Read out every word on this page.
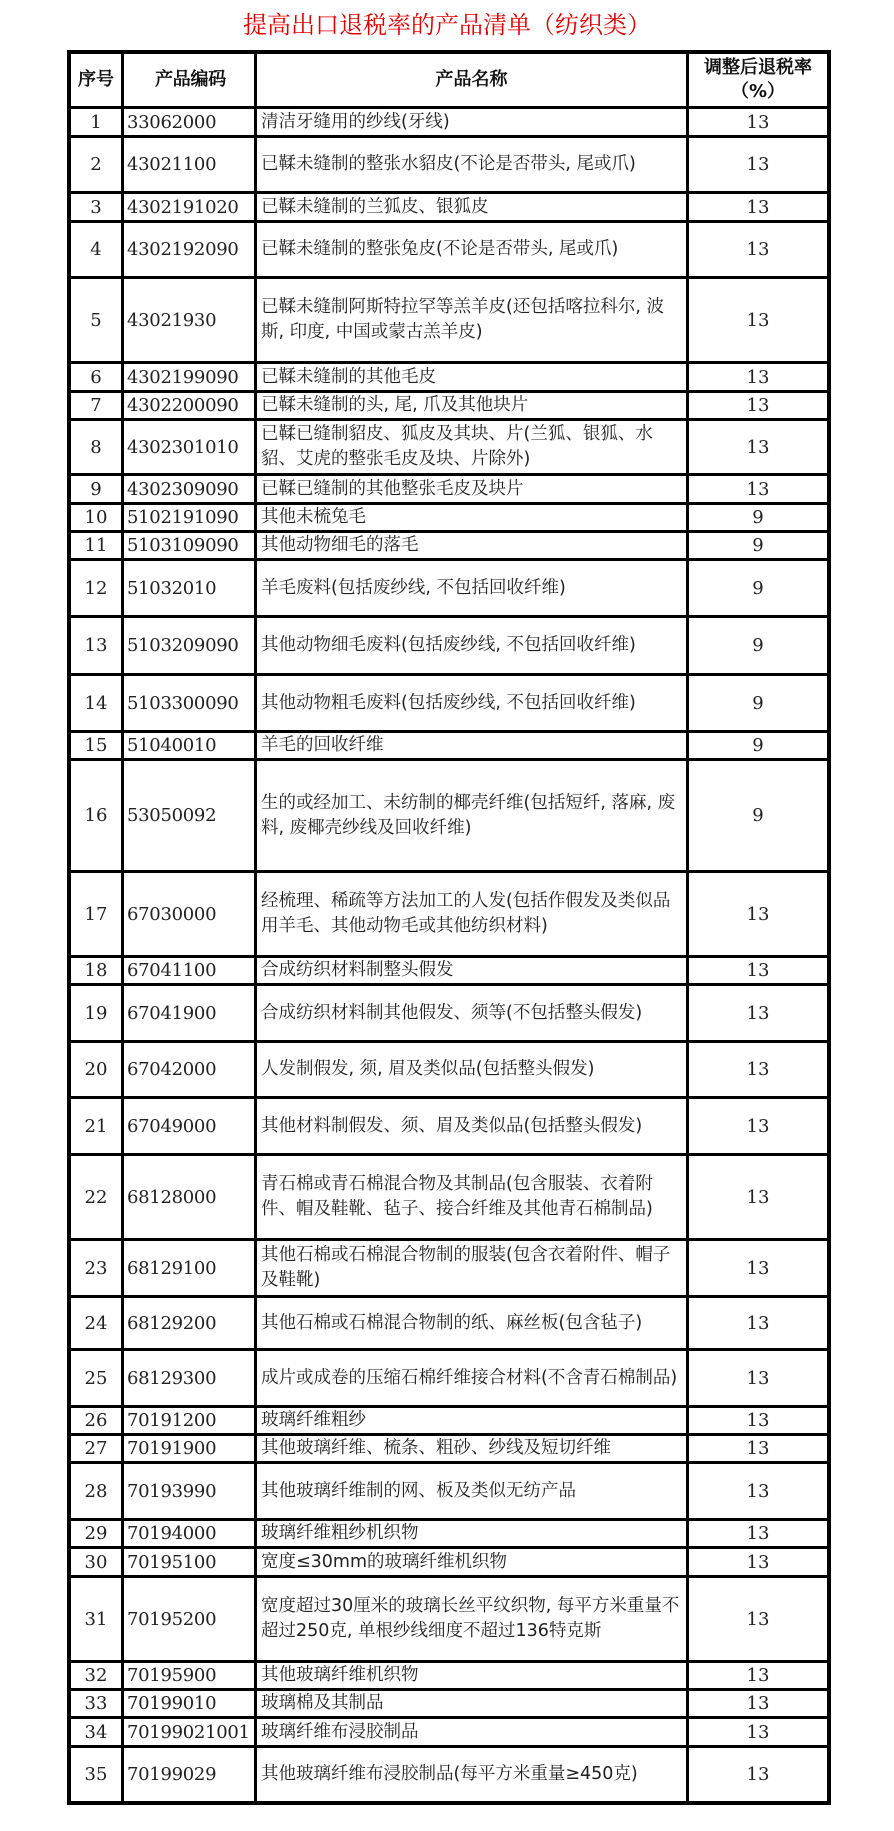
提高出口退税率的产品清单（纺织类）
序号	产品编码	产品名称	调整后退税率
（%）

1	33062000	清洁牙缝用的纱线(牙线)	13
2	43021100	已鞣未缝制的整张水貂皮(不论是否带头, 尾或爪)	13
3	4302191020	已鞣未缝制的兰狐皮、银狐皮	13
4	4302192090	已鞣未缝制的整张兔皮(不论是否带头, 尾或爪)	13
5	43021930	已鞣未缝制阿斯特拉罕等羔羊皮(还包括喀拉科尔, 波斯, 印度, 中国或蒙古羔羊皮)	13
6	4302199090	已鞣未缝制的其他毛皮	13
7	4302200090	已鞣未缝制的头, 尾, 爪及其他块片	13
8	4302301010	已鞣已缝制貂皮、狐皮及其块、片(兰狐、银狐、水貂、艾虎的整张毛皮及块、片除外)	13
9	4302309090	已鞣已缝制的其他整张毛皮及块片	13
10	5102191090	其他未梳兔毛	9
11	5103109090	其他动物细毛的落毛	9
12	51032010	羊毛废料(包括废纱线, 不包括回收纤维)	9
13	5103209090	其他动物细毛废料(包括废纱线, 不包括回收纤维)	9
14	5103300090	其他动物粗毛废料(包括废纱线, 不包括回收纤维)	9
15	51040010	羊毛的回收纤维	9
16	53050092	生的或经加工、未纺制的椰壳纤维(包括短纤, 落麻, 废料, 废椰壳纱线及回收纤维)	9
17	67030000	经梳理、稀疏等方法加工的人发(包括作假发及类似品用羊毛、其他动物毛或其他纺织材料)	13
18	67041100	合成纺织材料制整头假发	13
19	67041900	合成纺织材料制其他假发、须等(不包括整头假发)	13
20	67042000	人发制假发, 须, 眉及类似品(包括整头假发)	13
21	67049000	其他材料制假发、须、眉及类似品(包括整头假发)	13
22	68128000	青石棉或青石棉混合物及其制品(包含服装、衣着附件、帽及鞋靴、毡子、接合纤维及其他青石棉制品)	13
23	68129100	其他石棉或石棉混合物制的服装(包含衣着附件、帽子及鞋靴)	13
24	68129200	其他石棉或石棉混合物制的纸、麻丝板(包含毡子)	13
25	68129300	成片或成卷的压缩石棉纤维接合材料(不含青石棉制品)	13
26	70191200	玻璃纤维粗纱	13
27	70191900	其他玻璃纤维、梳条、粗砂、纱线及短切纤维	13
28	70193990	其他玻璃纤维制的网、板及类似无纺产品	13
29	70194000	玻璃纤维粗纱机织物	13
30	70195100	宽度≤30mm的玻璃纤维机织物	13
31	70195200	宽度超过30厘米的玻璃长丝平纹织物, 每平方米重量不超过250克, 单根纱线细度不超过136特克斯	13
32	70195900	其他玻璃纤维机织物	13
33	70199010	玻璃棉及其制品	13
34	70199021001	玻璃纤维布浸胶制品	13
35	70199029	其他玻璃纤维布浸胶制品(每平方米重量≥450克)	13
